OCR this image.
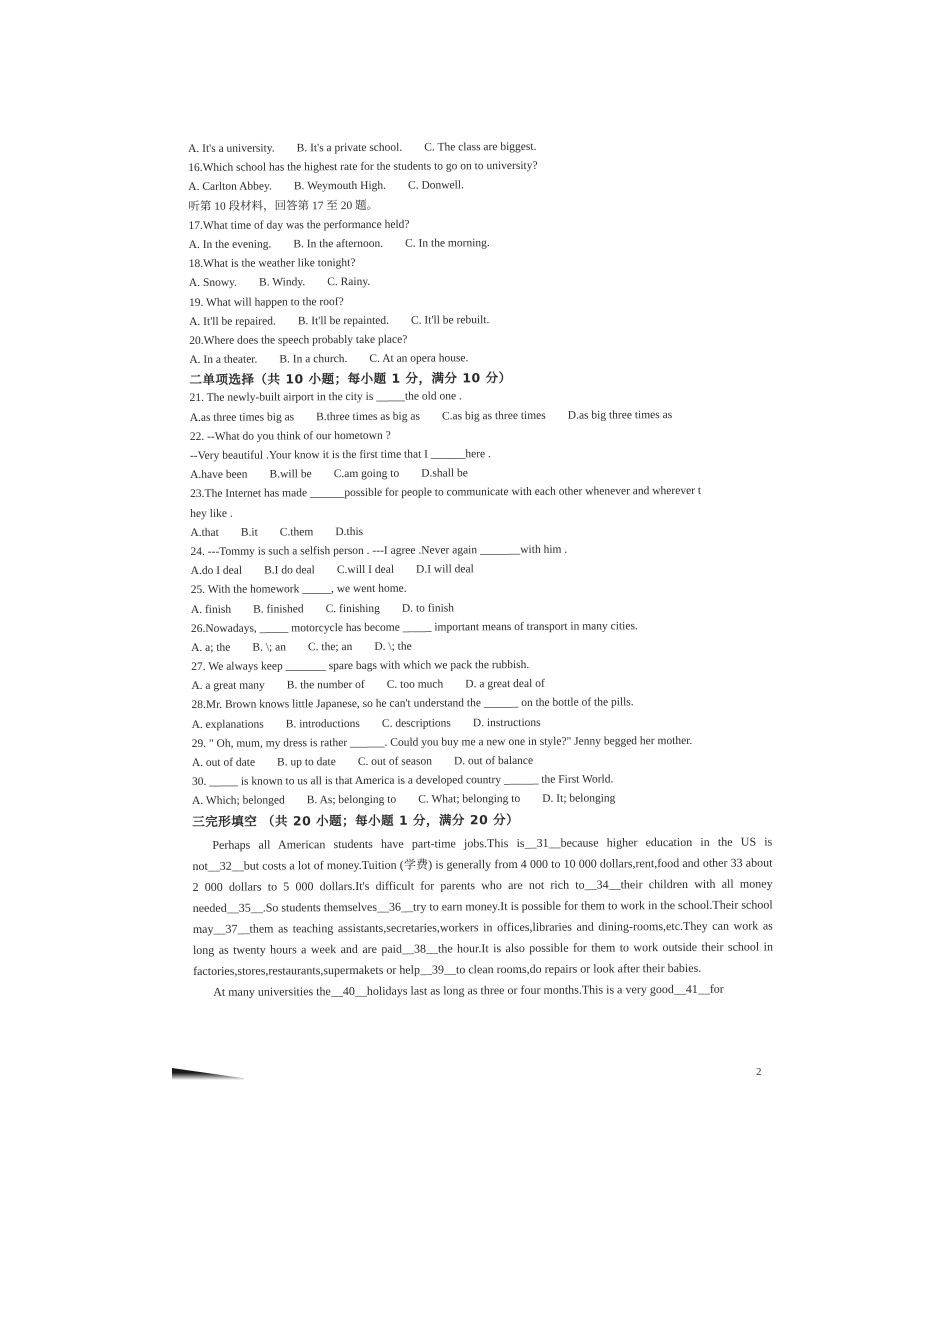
A. It's a university. B. It's a private school. C. The class are biggest.
16.Which school has the highest rate for the students to go on to university?
A. Carlton Abbey. B. Weymouth High. C. Donwell.
听第 10 段材料，回答第 17 至 20 题。
17.What time of day was the performance held?
A. In the evening. B. In the afternoon. C. In the morning.
18.What is the weather like tonight?
A. Snowy. B. Windy. C. Rainy.
19. What will happen to the roof?
A. It'll be repaired. B. It'll be repainted. C. It'll be rebuilt.
20.Where does the speech probably take place?
A. In a theater. B. In a church. C. At an opera house.
二单项选择（共 10 小题；每小题 1 分，满分 10 分）
21. The newly-built airport in the city is _____the old one .
A.as three times big as B.three times as big as C.as big as three times D.as big three times as
22. --What do you think of our hometown ?
--Very beautiful .Your know it is the first time that I ______here .
A.have been B.will be C.am going to D.shall be
23.The Internet has made ______possible for people to communicate with each other whenever and wherever t
hey like .
A.that B.it C.them D.this
24. ---Tommy is such a selfish person . ---I agree .Never again _______with him .
A.do I deal B.I do deal C.will I deal D.I will deal
25. With the homework _____, we went home.
A. finish B. finished C. finishing D. to finish
26.Nowadays, _____ motorcycle has become _____ important means of transport in many cities.
A. a; the B. \; an C. the; an D. \; the
27. We always keep _______ spare bags with which we pack the rubbish.
A. a great many B. the number of C. too much D. a great deal of
28.Mr. Brown knows little Japanese, so he can't understand the ______ on the bottle of the pills.
A. explanations B. introductions C. descriptions D. instructions
29. " Oh, mum, my dress is rather ______. Could you buy me a new one in style?" Jenny begged her mother.
A. out of date B. up to date C. out of season D. out of balance
30. _____ is known to us all is that America is a developed country ______ the First World.
A. Which; belonged B. As; belonging to C. What; belonging to D. It; belonging
三完形填空 （共 20 小题；每小题 1 分，满分 20 分）

Perhaps all American students have part-time jobs.This is__31__because higher education in the US is not__32__but costs a lot of money.Tuition (学费) is generally from 4 000 to 10 000 dollars,rent,food and other 33 about 2 000 dollars to 5 000 dollars.It's difficult for parents who are not rich to__34__their children with all money needed__35__.So students themselves__36__try to earn money.It is possible for them to work in the school.Their school may__37__them as teaching assistants,secretaries,workers in offices,libraries and dining-rooms,etc.They can work as long as twenty hours a week and are paid__38__the hour.It is also possible for them to work outside their school in factories,stores,restaurants,supermakets or help__39__to clean rooms,do repairs or look after their babies.

At many universities the__40__holidays last as long as three or four months.This is a very good__41__for

2
